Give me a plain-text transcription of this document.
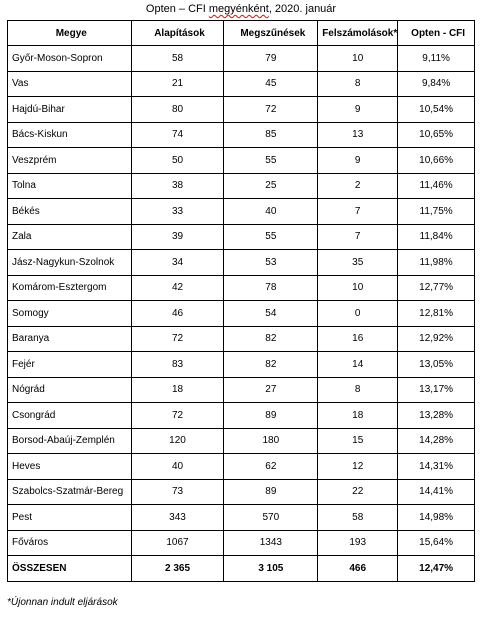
Opten – CFI megyénként, 2020. január
Megye	Alapítások	Megszűnések	Felszámolások*	Opten - CFI
Győr-Moson-Sopron	58	79	10	9,11%
Vas	21	45	8	9,84%
Hajdú-Bihar	80	72	9	10,54%
Bács-Kiskun	74	85	13	10,65%
Veszprém	50	55	9	10,66%
Tolna	38	25	2	11,46%
Békés	33	40	7	11,75%
Zala	39	55	7	11,84%
Jász-Nagykun-Szolnok	34	53	35	11,98%
Komárom-Esztergom	42	78	10	12,77%
Somogy	46	54	0	12,81%
Baranya	72	82	16	12,92%
Fejér	83	82	14	13,05%
Nógrád	18	27	8	13,17%
Csongrád	72	89	18	13,28%
Borsod-Abaúj-Zemplén	120	180	15	14,28%
Heves	40	62	12	14,31%
Szabolcs-Szatmár-Bereg	73	89	22	14,41%
Pest	343	570	58	14,98%
Főváros	1067	1343	193	15,64%
ÖSSZESEN	2 365	3 105	466	12,47%
*Újonnan indult eljárások
